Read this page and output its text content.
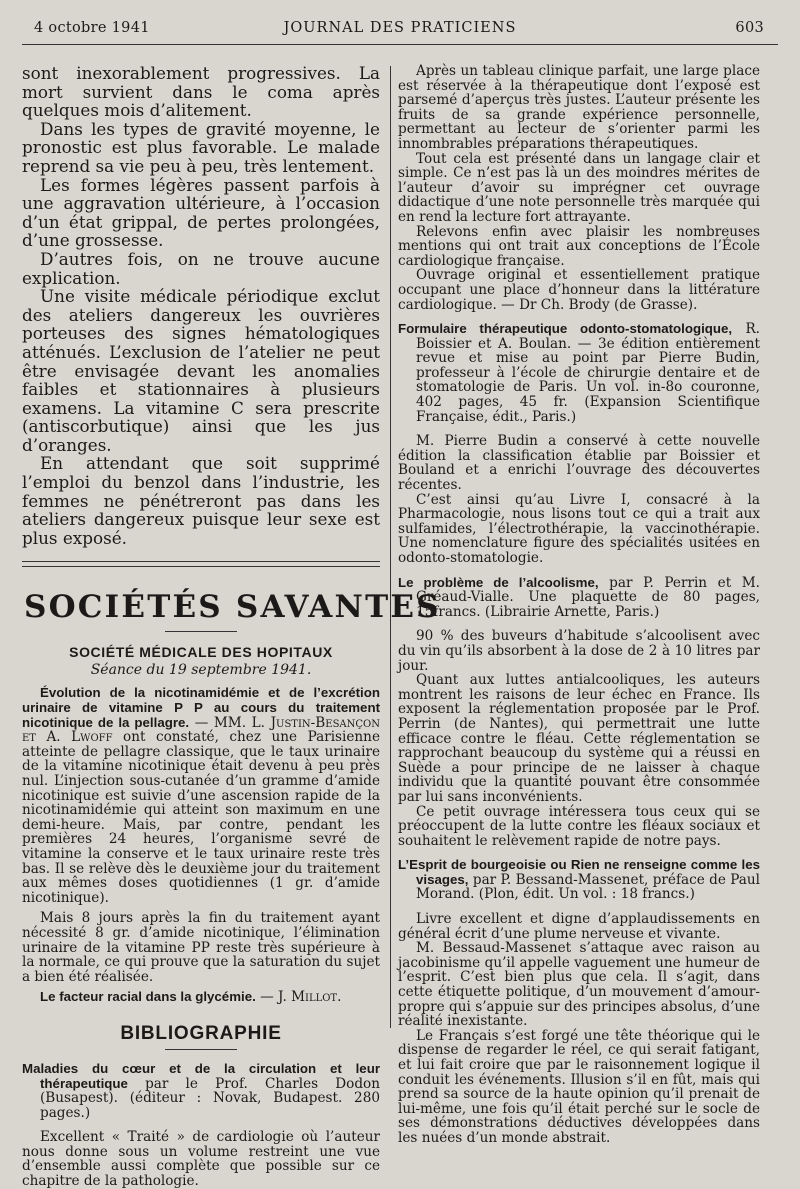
4 octobre 1941	JOURNAL DES PRATICIENS	603

sont inexorablement progressives. La mort survient dans le coma après quelques mois d’alitement.

Dans les types de gravité moyenne, le pronostic est plus favorable. Le malade reprend sa vie peu à peu, très lentement.

Les formes légères passent parfois à une aggravation ultérieure, à l’occasion d’un état grippal, de pertes prolongées, d’une grossesse.

D’autres fois, on ne trouve aucune explication.

Une visite médicale périodique exclut des ateliers dangereux les ouvrières porteuses des signes hématologiques atténués. L’exclusion de l’atelier ne peut être envisagée devant les anomalies faibles et stationnaires à plusieurs examens. La vitamine C sera prescrite (antiscorbutique) ainsi que les jus d’oranges.

En attendant que soit supprimé l’emploi du benzol dans l’industrie, les femmes ne pénétreront pas dans les ateliers dangereux puisque leur sexe est plus exposé.

SOCIÉTÉS SAVANTES
SOCIÉTÉ MÉDICALE DES HOPITAUX
Séance du 19 septembre 1941.

Évolution de la nicotinamidémie et de l’excrétion urinaire de vitamine P P au cours du traitement nicotinique de la pellagre. — MM. L. Justin-Besançon et A. Lwoff ont constaté, chez une Parisienne atteinte de pellagre classique, que le taux urinaire de la vitamine nicotinique était devenu à peu près nul. L’injection sous-cutanée d’un gramme d’amide nicotinique est suivie d’une ascension rapide de la nicotinamidémie qui atteint son maximum en une demi-heure. Mais, par contre, pendant les premières 24 heures, l’organisme sevré de vitamine la conserve et le taux urinaire reste très bas. Il se relève dès le deuxième jour du traitement aux mêmes doses quotidiennes (1 gr. d’amide nicotinique).

Mais 8 jours après la fin du traitement ayant nécessité 8 gr. d’amide nicotinique, l’élimination urinaire de la vitamine PP reste très supérieure à la normale, ce qui prouve que la saturation du sujet a bien été réalisée.

Le facteur racial dans la glycémie. — J. Millot.

BIBLIOGRAPHIE
Maladies du cœur et de la circulation et leur thérapeutique par le Prof. Charles Dodon (Busapest). (éditeur : Novak, Budapest. 280 pages.)

Excellent « Traité » de cardiologie où l’auteur nous donne sous un volume restreint une vue d’ensemble aussi complète que possible sur ce chapitre de la pathologie.

Après un tableau clinique parfait, une large place est réservée à la thérapeutique dont l’exposé est parsemé d’aperçus très justes. L’auteur présente les fruits de sa grande expérience personnelle, permettant au lecteur de s’orienter parmi les innombrables préparations thérapeutiques.

Tout cela est présenté dans un langage clair et simple. Ce n’est pas là un des moindres mérites de l’auteur d’avoir su imprégner cet ouvrage didactique d’une note personnelle très marquée qui en rend la lecture fort attrayante.

Relevons enfin avec plaisir les nombreuses mentions qui ont trait aux conceptions de l’École cardiologique française.

Ouvrage original et essentiellement pratique occupant une place d’honneur dans la littérature cardiologique. — Dr Ch. Brody (de Grasse).

Formulaire thérapeutique odonto-stomatologique, R. Boissier et A. Boulan. — 3e édition entièrement revue et mise au point par Pierre Budin, professeur à l’école de chirurgie dentaire et de stomatologie de Paris. Un vol. in-8o couronne, 402 pages, 45 fr. (Expansion Scientifique Française, édit., Paris.)

M. Pierre Budin a conservé à cette nouvelle édition la classification établie par Boissier et Bouland et a enrichi l’ouvrage des découvertes récentes.

C’est ainsi qu’au Livre I, consacré à la Pharmacologie, nous lisons tout ce qui a trait aux sulfamides, l’électrothérapie, la vaccinothérapie. Une nomenclature figure des spécialités usitées en odonto-stomatologie.

Le problème de l’alcoolisme, par P. Perrin et M. Gréaud-Vialle. Une plaquette de 80 pages, 15francs. (Librairie Arnette, Paris.)

90 % des buveurs d’habitude s’alcoolisent avec du vin qu’ils absorbent à la dose de 2 à 10 litres par jour.

Quant aux luttes antialcooliques, les auteurs montrent les raisons de leur échec en France. Ils exposent la réglementation proposée par le Prof. Perrin (de Nantes), qui permettrait une lutte efficace contre le fléau. Cette réglementation se rapprochant beaucoup du système qui a réussi en Suède a pour principe de ne laisser à chaque individu que la quantité pouvant être consommée par lui sans inconvénients.

Ce petit ouvrage intéressera tous ceux qui se préoccupent de la lutte contre les fléaux sociaux et souhaitent le relèvement rapide de notre pays.

L’Esprit de bourgeoisie ou Rien ne renseigne comme les visages, par P. Bessand-Massenet, préface de Paul Morand. (Plon, édit. Un vol. : 18 francs.)

Livre excellent et digne d’applaudissements en général écrit d’une plume nerveuse et vivante.

M. Bessaud-Massenet s’attaque avec raison au jacobinisme qu’il appelle vaguement une humeur de l’esprit. C’est bien plus que cela. Il s’agit, dans cette étiquette politique, d’un mouvement d’amour-propre qui s’appuie sur des principes absolus, d’une réalité inexistante.

Le Français s’est forgé une tête théorique qui le dispense de regarder le réel, ce qui serait fatigant, et lui fait croire que par le raisonnement logique il conduit les événements. Illusion s’il en fût, mais qui prend sa source de la haute opinion qu’il prenait de lui-même, une fois qu’il était perché sur le socle de ses démonstrations déductives développées dans les nuées d’un monde abstrait.
